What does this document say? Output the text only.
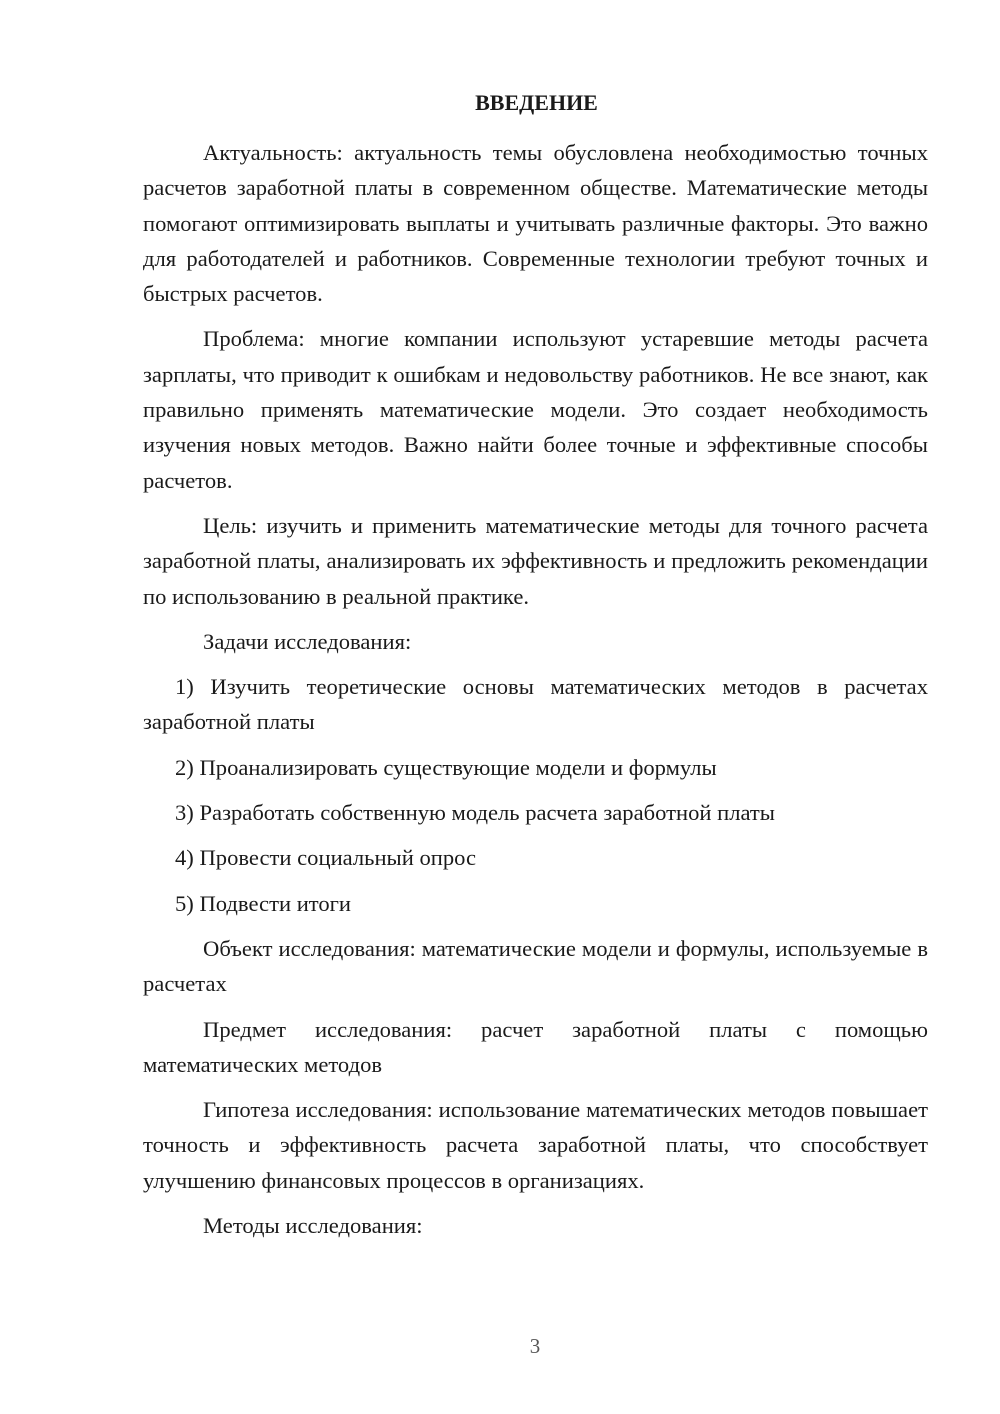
ВВЕДЕНИЕ

Актуальность: актуальность темы обусловлена необходимостью точных расчетов заработной платы в современном обществе. Математические методы помогают оптимизировать выплаты и учитывать различные факторы. Это важно для работодателей и работников. Современные технологии требуют точных и быстрых расчетов.

Проблема: многие компании используют устаревшие методы расчета зарплаты, что приводит к ошибкам и недовольству работников. Не все знают, как правильно применять математические модели. Это создает необходимость изучения новых методов. Важно найти более точные и эффективные способы расчетов.

Цель: изучить и применить математические методы для точного расчета заработной платы, анализировать их эффективность и предложить рекомендации по использованию в реальной практике.

Задачи исследования:

1) Изучить теоретические основы математических методов в расчетах заработной платы

2) Проанализировать существующие модели и формулы

3) Разработать собственную модель расчета заработной платы

4) Провести социальный опрос

5) Подвести итоги

Объект исследования: математические модели и формулы, используемые в расчетах

Предмет исследования: расчет заработной платы с помощью математических методов

Гипотеза исследования: использование математических методов повышает точность и эффективность расчета заработной платы, что способствует улучшению финансовых процессов в организациях.

Методы исследования:

3
